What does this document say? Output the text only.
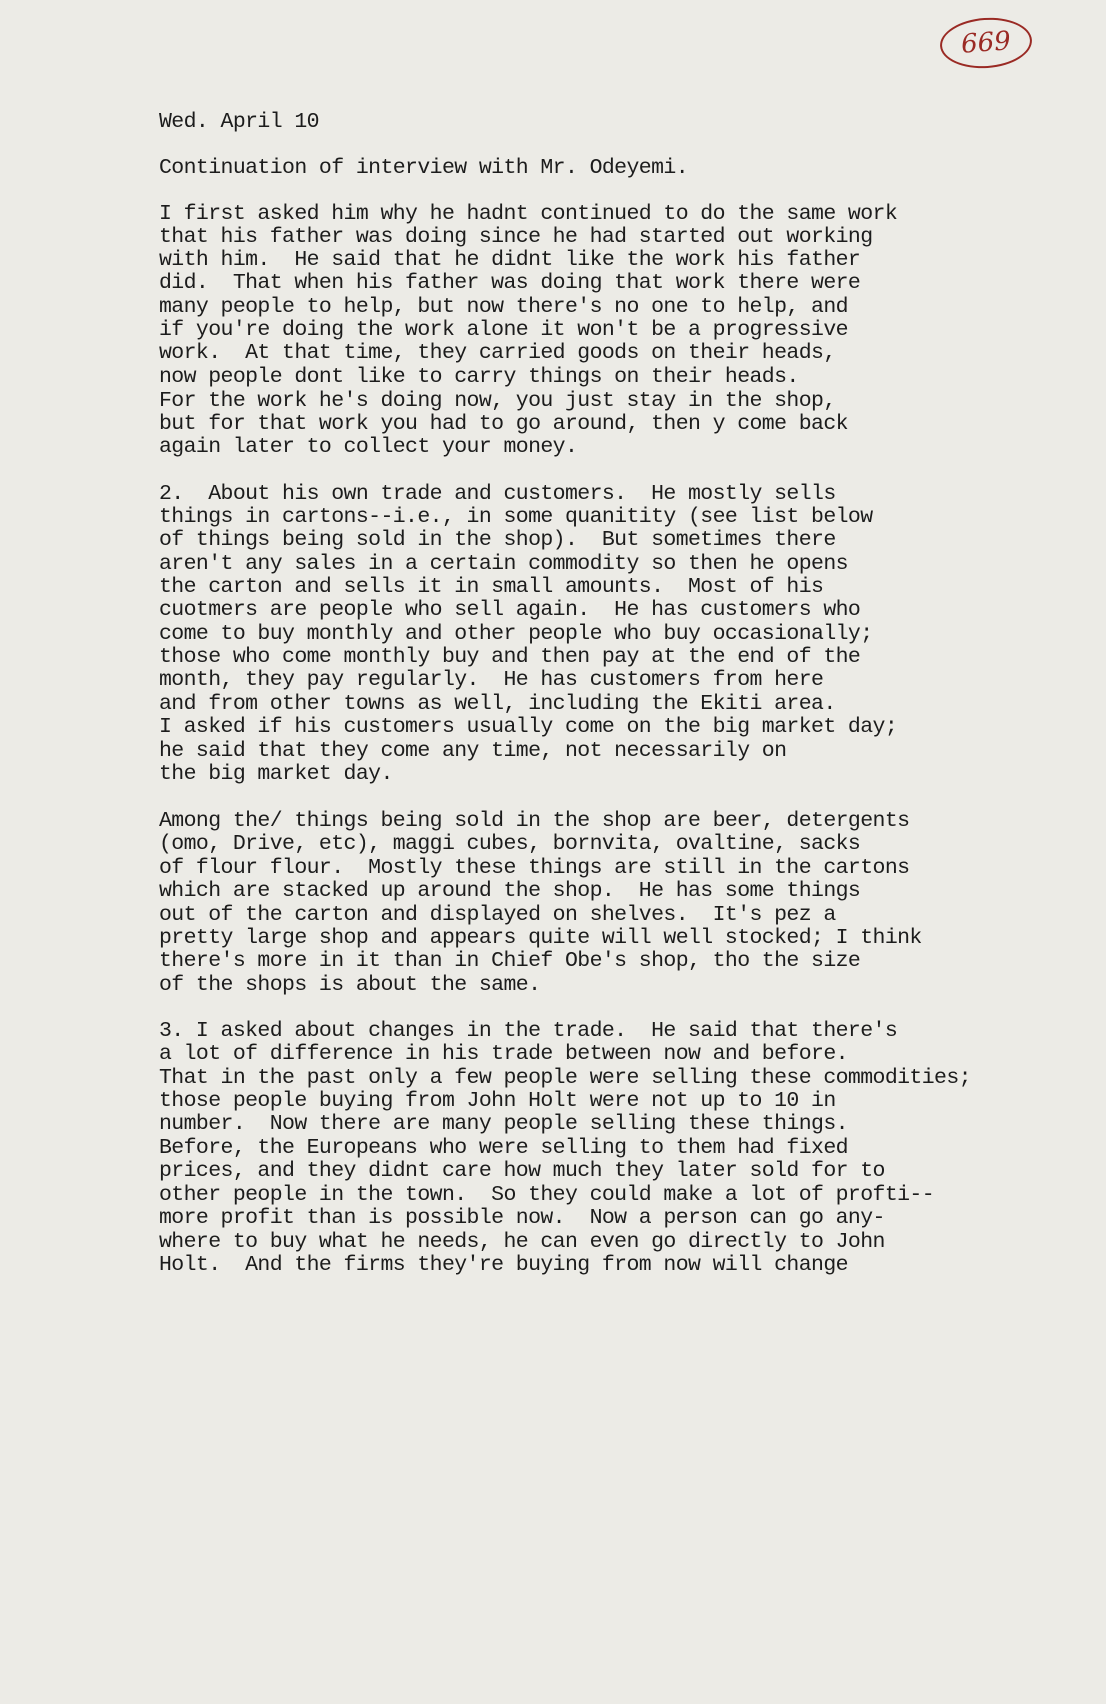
669

Wed. April 10

Continuation of interview with Mr. Odeyemi.

I first asked him why he hadnt continued to do the same work

that his father was doing since he had started out working

with him.  He said that he didnt like the work his father

did.  That when his father was doing that work there were

many people to help, but now there's no one to help, and

if you're doing the work alone it won't be a progressive

work.  At that time, they carried goods on their heads,

now people dont like to carry things on their heads.

For the work he's doing now, you just stay in the shop,

but for that work you had to go around, then y come back

again later to collect your money.

2.  About his own trade and customers.  He mostly sells

things in cartons--i.e., in some quanitity (see list below

of things being sold in the shop).  But sometimes there

aren't any sales in a certain commodity so then he opens

the carton and sells it in small amounts.  Most of his

cuotmers are people who sell again.  He has customers who

come to buy monthly and other people who buy occasionally;

those who come monthly buy and then pay at the end of the

month, they pay regularly.  He has customers from here

and from other towns as well, including the Ekiti area.

I asked if his customers usually come on the big market day;

he said that they come any time, not necessarily on

the big market day.

Among the/ things being sold in the shop are beer, detergents

(omo, Drive, etc), maggi cubes, bornvita, ovaltine, sacks

of flour flour.  Mostly these things are still in the cartons

which are stacked up around the shop.  He has some things

out of the carton and displayed on shelves.  It's pez a

pretty large shop and appears quite will well stocked; I think

there's more in it than in Chief Obe's shop, tho the size

of the shops is about the same.

3. I asked about changes in the trade.  He said that there's

a lot of difference in his trade between now and before.

That in the past only a few people were selling these commodities;

those people buying from John Holt were not up to 10 in

number.  Now there are many people selling these things.

Before, the Europeans who were selling to them had fixed

prices, and they didnt care how much they later sold for to

other people in the town.  So they could make a lot of profti--

more profit than is possible now.  Now a person can go any-

where to buy what he needs, he can even go directly to John

Holt.  And the firms they're buying from now will change
